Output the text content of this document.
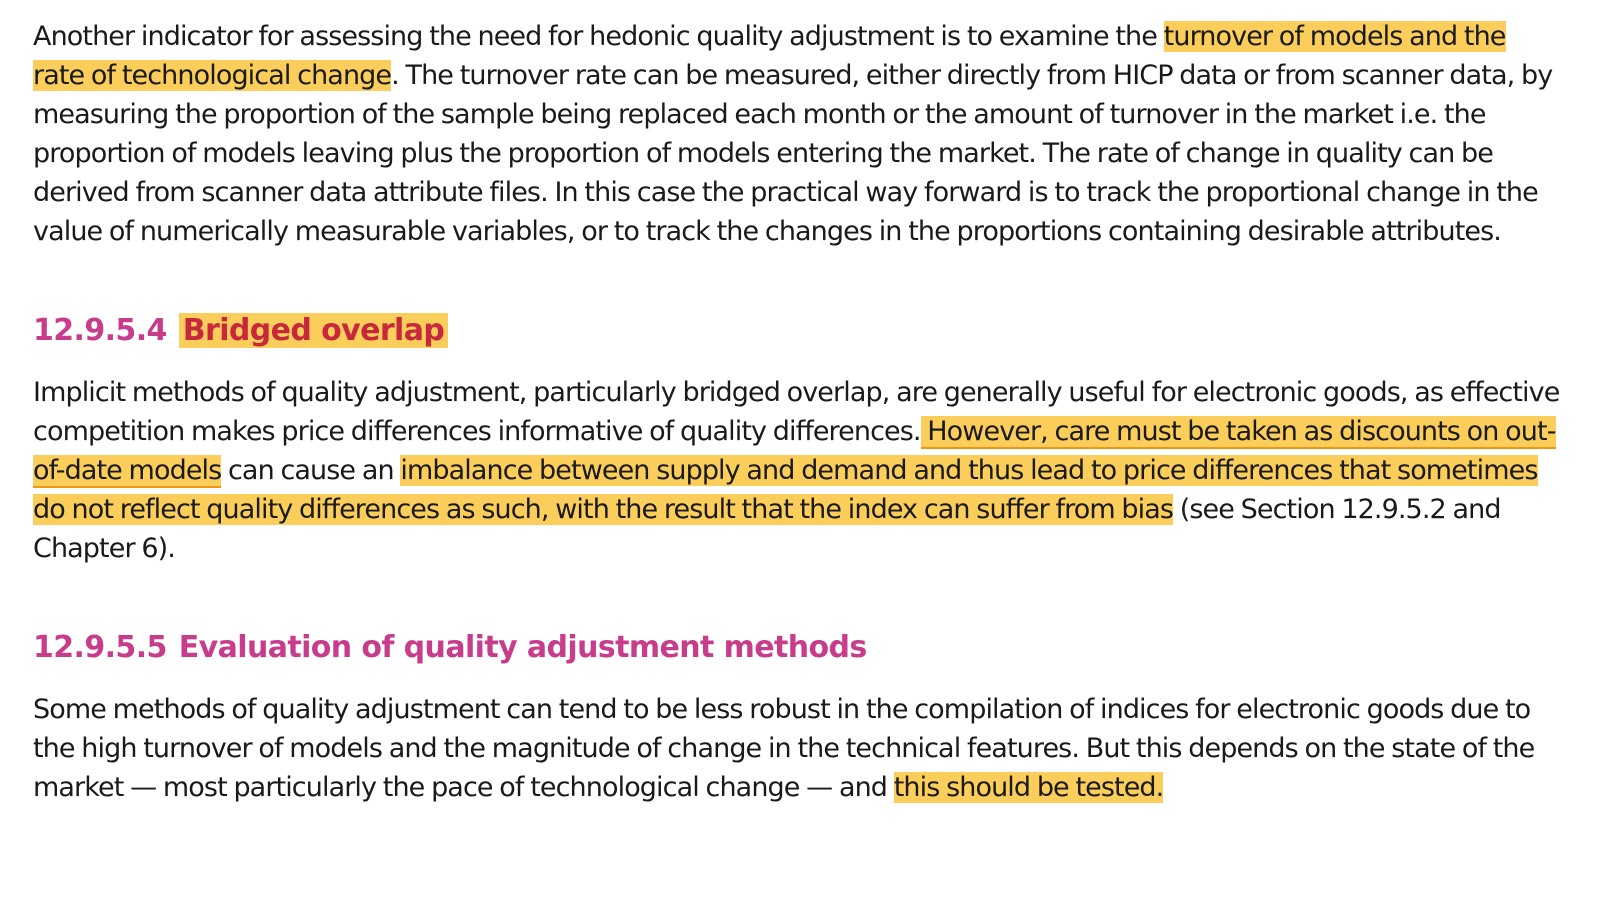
Another indicator for assessing the need for hedonic quality adjustment is to examine the turnover of models and the rate of technological change. The turnover rate can be measured, either directly from HICP data or from scanner data, by measuring the proportion of the sample being replaced each month or the amount of turnover in the market i.e. the proportion of models leaving plus the proportion of models entering the market. The rate of change in quality can be derived from scanner data attribute files. In this case the practical way forward is to track the proportional change in the value of numerically measurable variables, or to track the changes in the proportions containing desirable attributes.

12.9.5.4 Bridged overlap

Implicit methods of quality adjustment, particularly bridged overlap, are generally useful for electronic goods, as effective competition makes price differences informative of quality differences. However, care must be taken as discounts on out-of-date models can cause an imbalance between supply and demand and thus lead to price differences that sometimes do not reflect quality differences as such, with the result that the index can suffer from bias (see Section 12.9.5.2 and Chapter 6).

12.9.5.5 Evaluation of quality adjustment methods

Some methods of quality adjustment can tend to be less robust in the compilation of indices for electronic goods due to the high turnover of models and the magnitude of change in the technical features. But this depends on the state of the market — most particularly the pace of technological change — and this should be tested.
